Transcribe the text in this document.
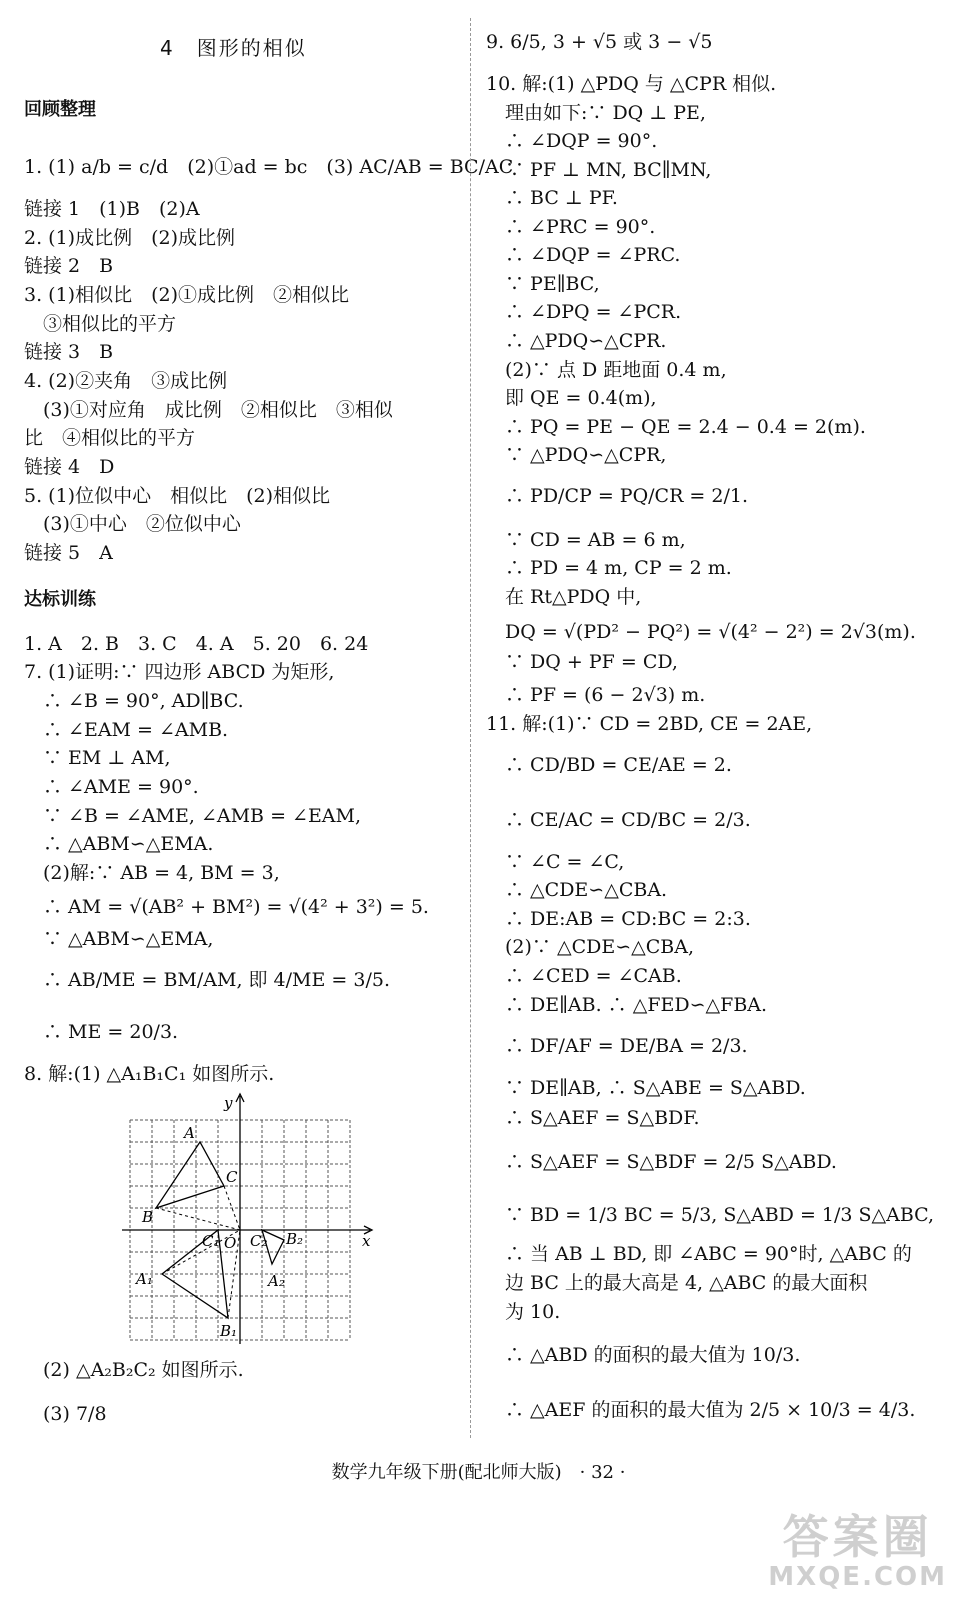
4　图形的相似
回顾整理
1. (1) a/b = c/d　(2)①ad = bc　(3) AC/AB = BC/AC
链接 1　(1)B　(2)A
2. (1)成比例　(2)成比例
链接 2　B
3. (1)相似比　(2)①成比例　②相似比
　③相似比的平方
链接 3　B
4. (2)②夹角　③成比例
　(3)①对应角　成比例　②相似比　③相似
比　④相似比的平方
链接 4　D
5. (1)位似中心　相似比　(2)相似比
　(3)①中心　②位似中心
链接 5　A
达标训练
1. A　2. B　3. C　4. A　5. 20　6. 24
7. (1)证明:∵ 四边形 ABCD 为矩形,
　∴ ∠B = 90°, AD∥BC.
　∴ ∠EAM = ∠AMB.
　∵ EM ⊥ AM,
　∴ ∠AME = 90°.
　∵ ∠B = ∠AME, ∠AMB = ∠EAM,
　∴ △ABM∽△EMA.
　(2)解:∵ AB = 4, BM = 3,
　∴ AM = √(AB² + BM²) = √(4² + 3²) = 5.
　∵ △ABM∽△EMA,
　∴ AB/ME = BM/AM, 即 4/ME = 3/5.
　∴ ME = 20/3.
8. 解:(1) △A₁B₁C₁ 如图所示.
　(2) △A₂B₂C₂ 如图所示.
　(3) 7/8
A
C
B
y
x
O
C₁ C₂ B₂
A₁	A₂
B₁
9. 6/5, 3 + √5 或 3 − √5
10. 解:(1) △PDQ 与 △CPR 相似.
　理由如下:∵ DQ ⊥ PE,
　∴ ∠DQP = 90°.
　∵ PF ⊥ MN, BC∥MN,
　∴ BC ⊥ PF.
　∴ ∠PRC = 90°.
　∴ ∠DQP = ∠PRC.
　∵ PE∥BC,
　∴ ∠DPQ = ∠PCR.
　∴ △PDQ∽△CPR.
　(2)∵ 点 D 距地面 0.4 m,
　即 QE = 0.4(m),
　∴ PQ = PE − QE = 2.4 − 0.4 = 2(m).
　∵ △PDQ∽△CPR,
　∴ PD/CP = PQ/CR = 2/1.
　∵ CD = AB = 6 m,
　∴ PD = 4 m, CP = 2 m.
　在 Rt△PDQ 中,
　DQ = √(PD² − PQ²) = √(4² − 2²) = 2√3(m).
　∵ DQ + PF = CD,
　∴ PF = (6 − 2√3) m.
11. 解:(1)∵ CD = 2BD, CE = 2AE,
　∴ CD/BD = CE/AE = 2.
　∴ CE/AC = CD/BC = 2/3.
　∵ ∠C = ∠C,
　∴ △CDE∽△CBA.
　∴ DE:AB = CD:BC = 2:3.
　(2)∵ △CDE∽△CBA,
　∴ ∠CED = ∠CAB.
　∴ DE∥AB. ∴ △FED∽△FBA.
　∴ DF/AF = DE/BA = 2/3.
　∵ DE∥AB, ∴ S△ABE = S△ABD.
　∴ S△AEF = S△BDF.
　∴ S△AEF = S△BDF = 2/5 S△ABD.
　∵ BD = 1/3 BC = 5/3, S△ABD = 1/3 S△ABC,
　∴ 当 AB ⊥ BD, 即 ∠ABC = 90°时, △ABC 的
　边 BC 上的最大高是 4, △ABC 的最大面积
　为 10.
　∴ △ABD 的面积的最大值为 10/3.
　∴ △AEF 的面积的最大值为 2/5 × 10/3 = 4/3.
数学九年级下册(配北师大版)　· 32 ·
答案圈
MXQE.COM
